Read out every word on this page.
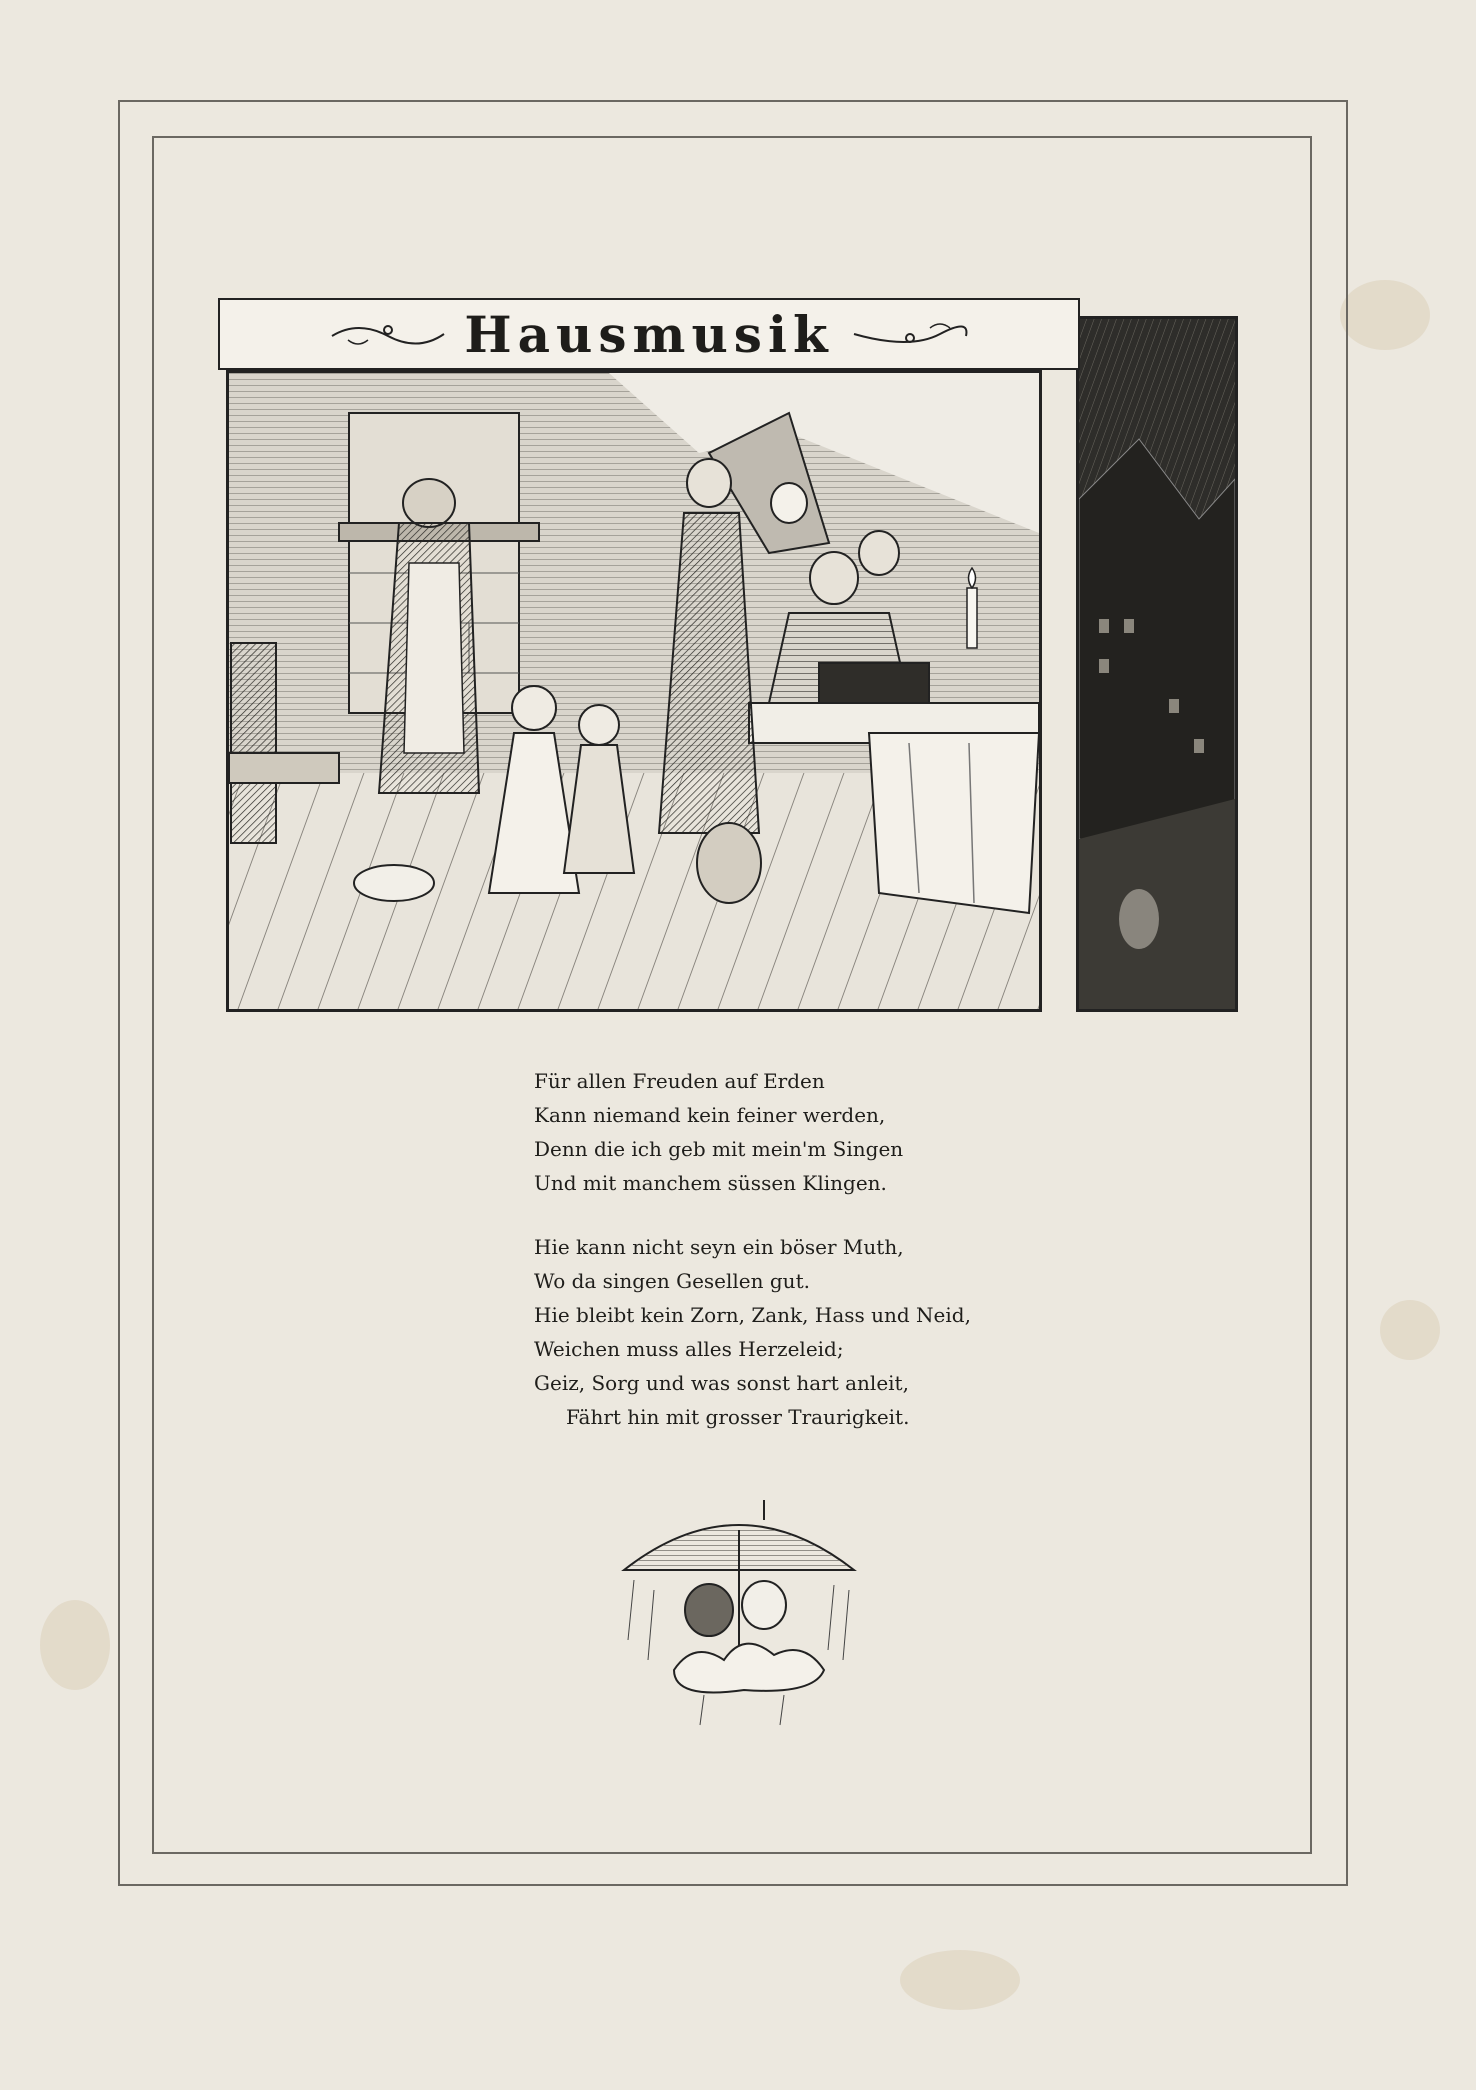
Hausmusik
Für allen Freuden auf Erden
Kann niemand kein feiner werden,
Denn die ich geb mit mein'm Singen
Und mit manchem süssen Klingen.
Hie kann nicht seyn ein böser Muth,
Wo da singen Gesellen gut.
Hie bleibt kein Zorn, Zank, Hass und Neid,
Weichen muss alles Herzeleid;
Geiz, Sorg und was sonst hart anleit,
Fährt hin mit grosser Traurigkeit.
